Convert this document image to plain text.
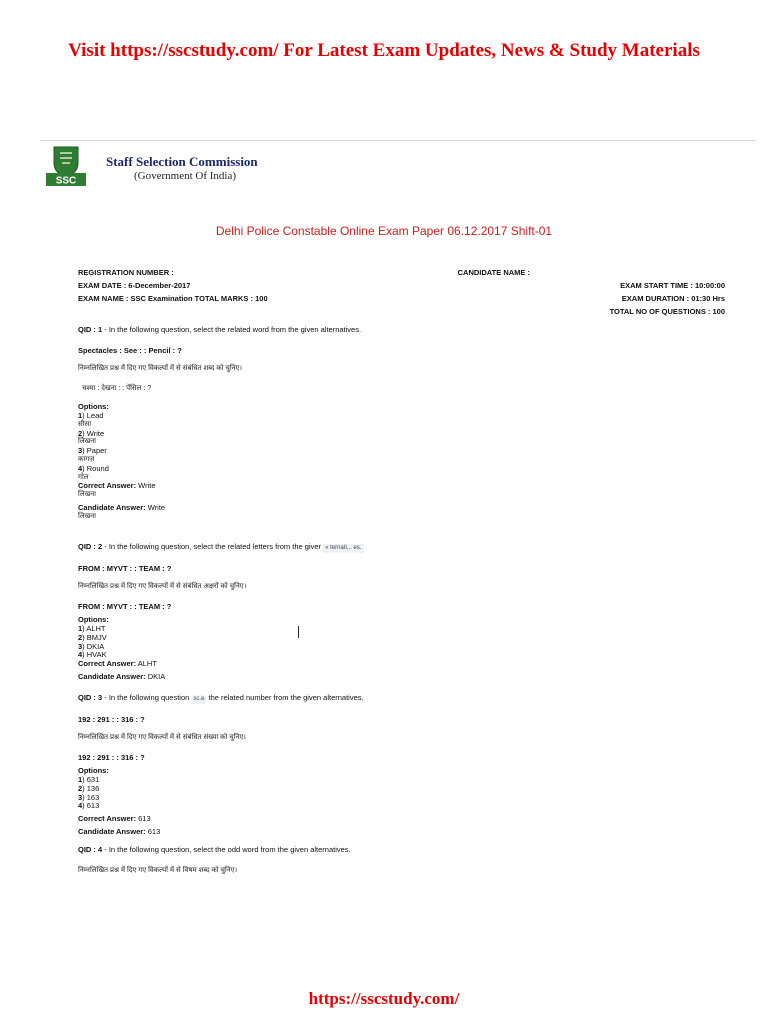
Visit https://sscstudy.com/ For Latest Exam Updates, News & Study Materials
SSC
Staff Selection Commission
(Government Of India)
Delhi Police Constable Online Exam Paper 06.12.2017 Shift-01
REGISTRATION NUMBER :
EXAM DATE : 6-December-2017
EXAM NAME : SSC Examination TOTAL MARKS : 100
CANDIDATE NAME :
EXAM START TIME : 10:00:00
EXAM DURATION : 01:30 Hrs
TOTAL NO OF QUESTIONS : 100
QID : 1 - In the following question, select the related word from the given alternatives.
Spectacles : See : : Pencil : ?
निम्नलिखित प्रश्न में दिए गए विकल्पों में से संबंधित शब्द को चुनिए।
चश्मा : देखना : : पेंसिल : ?
Options:
1) Lead
सीसा
2) Write
लिखना
3) Paper
कागज़
4) Round
गोल
Correct Answer: Write
लिखना
Candidate Answer: Write
लिखना
QID : 2 - In the following question, select the related letters from the giver « ternati... es.
FROM : MYVT : : TEAM : ?
निम्नलिखित प्रश्न में दिए गए विकल्पों में से संबंधित अक्षरों को चुनिए।
FROM : MYVT : : TEAM : ?
Options:
1) ALHT
2) BMJV
3) DKIA
4) HVAK
Correct Answer: ALHT
Candidate Answer: DKIA
QID : 3 - In the following question sc.e the related number from the given alternatives.
192 : 291 : : 316 : ?
निम्नलिखित प्रश्न में दिए गए विकल्पों में से संबंधित संख्या को चुनिए।
192 : 291 : : 316 : ?
Options:
1) 631
2) 136
3) 163
4) 613
Correct Answer: 613
Candidate Answer: 613
QID : 4 - In the following question, select the odd word from the given alternatives.
निम्नलिखित प्रश्न में दिए गए विकल्पों में से विषम शब्द को चुनिए।
https://sscstudy.com/
